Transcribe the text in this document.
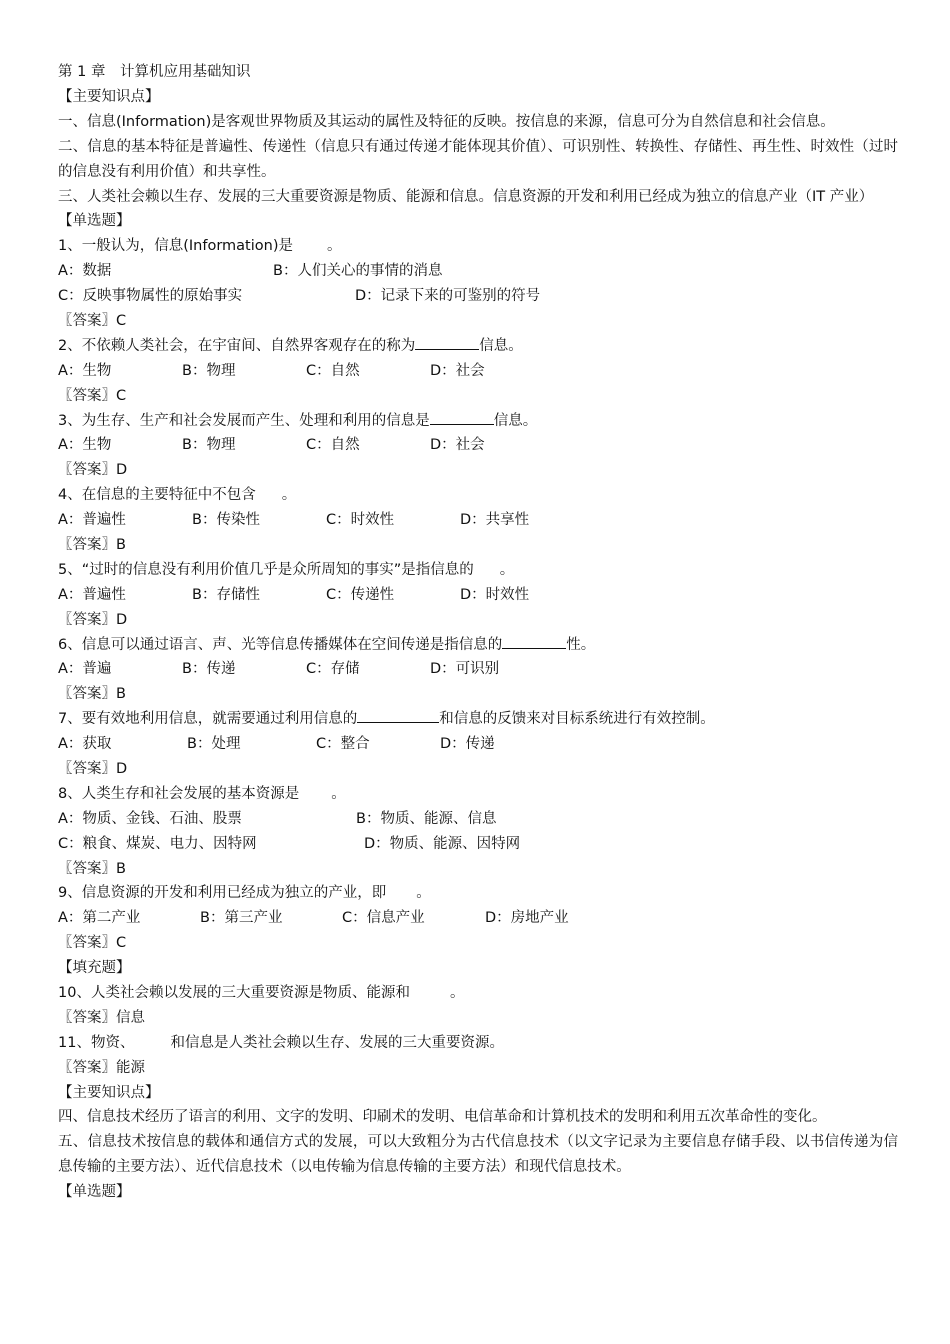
第 1 章　计算机应用基础知识
【主要知识点】
一、信息(Information)是客观世界物质及其运动的属性及特征的反映。按信息的来源，信息可分为自然信息和社会信息。
二、信息的基本特征是普遍性、传递性（信息只有通过传递才能体现其价值）、可识别性、转换性、存储性、再生性、时效性（过时的信息没有利用价值）和共享性。
三、人类社会赖以生存、发展的三大重要资源是物质、能源和信息。信息资源的开发和利用已经成为独立的信息产业（IT 产业）
【单选题】
1、一般认为，信息(Information)是 。
A：数据	B：人们关心的事情的消息
C：反映事物属性的原始事实	D：记录下来的可鉴别的符号
〖答案〗C
2、不依赖人类社会，在宇宙间、自然界客观存在的称为	信息。
A：生物	B：物理	C：自然	D：社会
〖答案〗C
3、为生存、生产和社会发展而产生、处理和利用的信息是	信息。
A：生物	B：物理	C：自然	D：社会
〖答案〗D
4、在信息的主要特征中不包含 。
A：普遍性	B：传染性	C：时效性	D：共享性
〖答案〗B
5、“过时的信息没有利用价值几乎是众所周知的事实”是指信息的 。
A：普遍性	B：存储性	C：传递性	D：时效性
〖答案〗D
6、信息可以通过语言、声、光等信息传播媒体在空间传递是指信息的	性。
A：普遍	B：传递	C：存储	D：可识别
〖答案〗B
7、要有效地利用信息，就需要通过利用信息的	和信息的反馈来对目标系统进行有效控制。
A：获取	B：处理	C：整合	D：传递
〖答案〗D
8、人类生存和社会发展的基本资源是 。
A：物质、金钱、石油、股票	B：物质、能源、信息
C：粮食、煤炭、电力、因特网	D：物质、能源、因特网
〖答案〗B
9、信息资源的开发和利用已经成为独立的产业，即 。
A：第二产业	B：第三产业	C：信息产业	D：房地产业
〖答案〗C
【填充题】
10、人类社会赖以发展的三大重要资源是物质、能源和	。
〖答案〗信息
11、物资、 和信息是人类社会赖以生存、发展的三大重要资源。
〖答案〗能源
【主要知识点】
四、信息技术经历了语言的利用、文字的发明、印刷术的发明、电信革命和计算机技术的发明和利用五次革命性的变化。
五、信息技术按信息的载体和通信方式的发展，可以大致粗分为古代信息技术（以文字记录为主要信息存储手段、以书信传递为信息传输的主要方法）、近代信息技术（以电传输为信息传输的主要方法）和现代信息技术。
【单选题】
